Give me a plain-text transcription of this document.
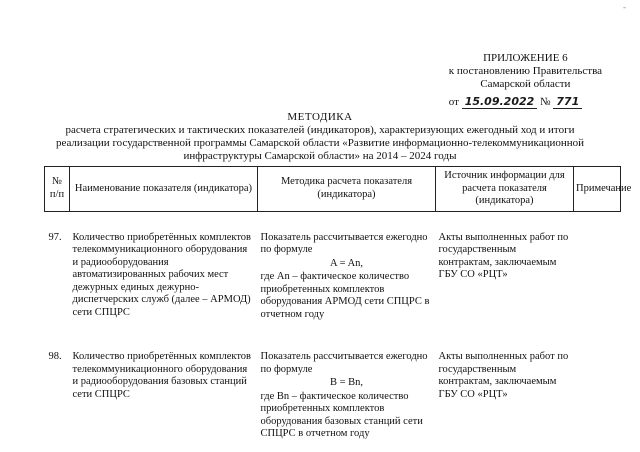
-
ПРИЛОЖЕНИЕ 6
к постановлению Правительства
Самарской области
от 15.09.2022 № 771
МЕТОДИКА
расчета стратегических и тактических показателей (индикаторов), характеризующих ежегодный ход и итоги реализации государственной программы Самарской области «Развитие информационно-телекоммуникационной инфраструктуры Самарской области» на 2014 – 2024 годы
№ п/п	Наименование показателя (индикатора)	Методика расчета показателя (индикатора)	Источник информации для расчета показателя (индикатора)	Примечание

97.	Количество приобретённых комплектов телекоммуникационного оборудования и радиооборудования автоматизированных рабочих мест дежурных единых дежурно-диспетчерских служб (далее – АРМОД) сети СПЦРС	Показатель рассчитывается ежегодно по формуле
A = An,
где An – фактическое количество приобретенных комплектов оборудования АРМОД сети СПЦРС в отчетном году	Акты выполненных работ по государственным контрактам, заключаемым ГБУ СО «РЦТ»	

98.	Количество приобретённых комплектов телекоммуникационного оборудования и радиооборудования базовых станций сети СПЦРС	Показатель рассчитывается ежегодно по формуле
B = Bn,
где Bn – фактическое количество приобретенных комплектов оборудования базовых станций сети СПЦРС в отчетном году	Акты выполненных работ по государственным контрактам, заключаемым ГБУ СО «РЦТ»	
